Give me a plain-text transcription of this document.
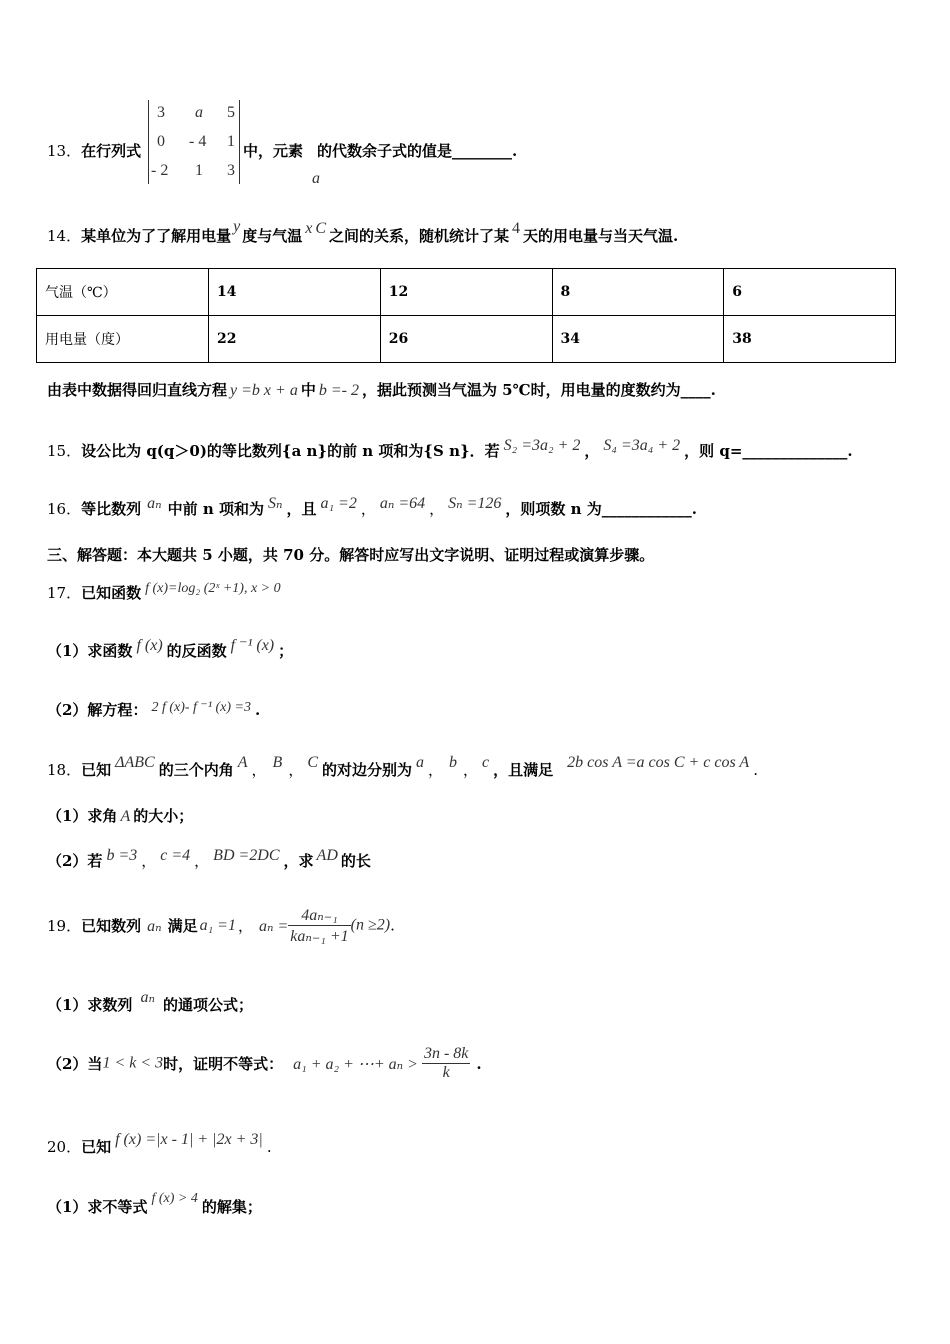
13．在行列式
3 a 5
0 - 4 1
- 2 1 3
中，元素 的代数余子式的值是________.
a
14．某单位为了了解用电量y度与气温 x C 之间的关系，随机统计了某 4 天的用电量与当天气温.
气温（℃）	14	12	8	6
用电量（度）	22	26	34	38
由表中数据得回归直线方程 y =b x + a 中 b =- 2 ，据此预测当气温为 5℃时，用电量的度数约为____.
15．设公比为 q(q＞0)的等比数列{a n}的前 n 项和为{S n}．若 S₂ =3a₂ + 2 ， S₄ =3a₄ + 2 ，则 q=______________.
16．等比数列 aₙ 中前 n 项和为 Sₙ ，且 a₁ =2 ， aₙ =64 ， Sₙ =126 ，则项数 n 为____________.
三、解答题：本大题共 5 小题，共 70 分。解答时应写出文字说明、证明过程或演算步骤。
17．已知函数 f (x)=log₂ (2ˣ +1), x > 0
（1）求函数 f (x) 的反函数 f ⁻¹ (x) ；
（2）解方程： 2 f (x)- f ⁻¹ (x) =3 .
18．已知 ΔABC 的三个内角 A ， B ， C 的对边分别为 a ， b ， c ，且满足 2b cos A =a cos C + c cos A .
（1）求角 A 的大小；
（2）若 b =3 ， c =4 ， BD =2DC ，求 AD 的长
19．已知数列 aₙ 满足 a₁ =1 ， $a_n = \frac{\text{4aₙ₋₁}}{\text{kaₙ₋₁ +1}} (n \ge 2)$.
（1）求数列 aₙ 的通项公式；
（2）当1 < k < 3时，证明不等式： a₁ + a₂ + ⋯+ $a_n > \frac{3n - 8k}{k}$ .
20．已知 f (x) =|x - 1| + |2x + 3| .
（1）求不等式 f (x) > 4 的解集；
